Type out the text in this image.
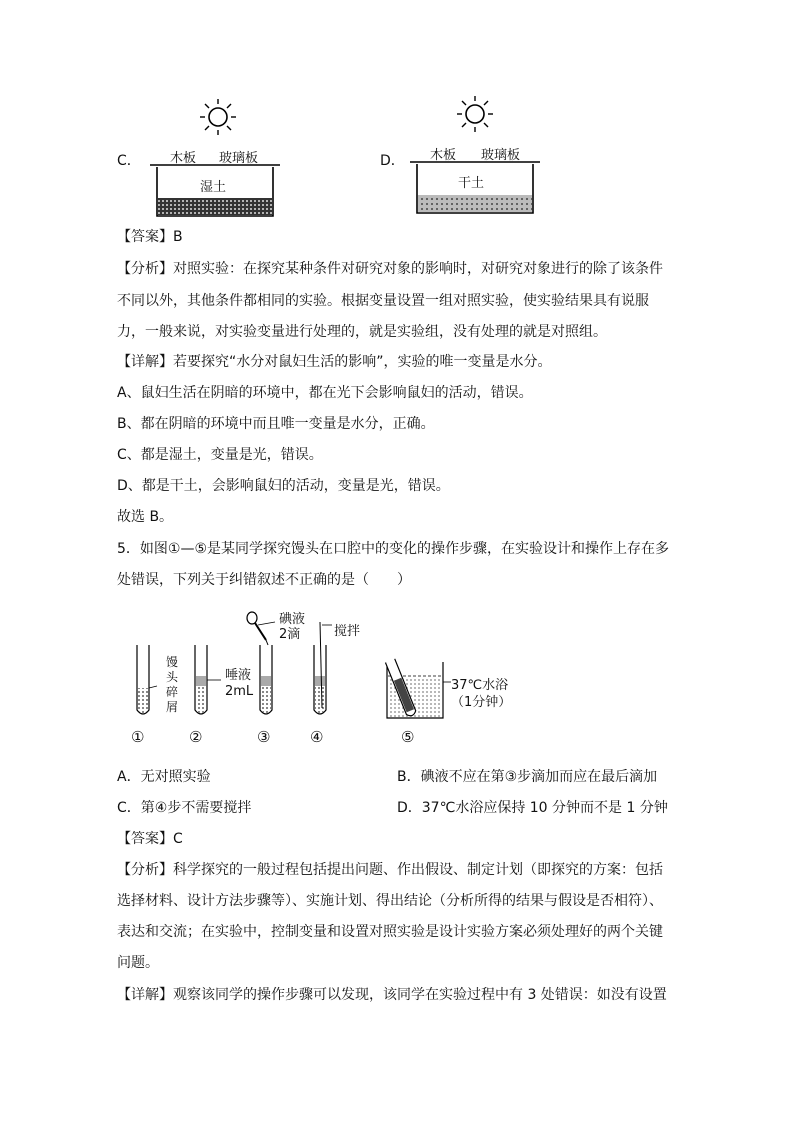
C． 木板 玻璃板
湿土
D． 木板 玻璃板
干土
【答案】B
【分析】对照实验：在探究某种条件对研究对象的影响时，对研究对象进行的除了该条件
不同以外，其他条件都相同的实验。根据变量设置一组对照实验，使实验结果具有说服
力，一般来说，对实验变量进行处理的，就是实验组，没有处理的就是对照组。
【详解】若要探究“水分对鼠妇生活的影响”，实验的唯一变量是水分。
A、鼠妇生活在阴暗的环境中，都在光下会影响鼠妇的活动，错误。
B、都在阴暗的环境中而且唯一变量是水分，正确。
C、都是湿土，变量是光，错误。
D、都是干土，会影响鼠妇的活动，变量是光，错误。
故选 B。
5．如图①—⑤是某同学探究馒头在口腔中的变化的操作步骤，在实验设计和操作上存在多
处错误，下列关于纠错叙述不正确的是（　　）
馒
头
碎
屑
唾液
2mL
碘液
2滴	搅拌
37℃水浴
（1分钟）
①	②	③	④	⑤
A．无对照实验	B．碘液不应在第③步滴加而应在最后滴加
C．第④步不需要搅拌	D．37℃水浴应保持 10 分钟而不是 1 分钟
【答案】C
【分析】科学探究的一般过程包括提出问题、作出假设、制定计划（即探究的方案：包括
选择材料、设计方法步骤等）、实施计划、得出结论（分析所得的结果与假设是否相符）、
表达和交流；在实验中，控制变量和设置对照实验是设计实验方案必须处理好的两个关键
问题。
【详解】观察该同学的操作步骤可以发现，该同学在实验过程中有 3 处错误：如没有设置
